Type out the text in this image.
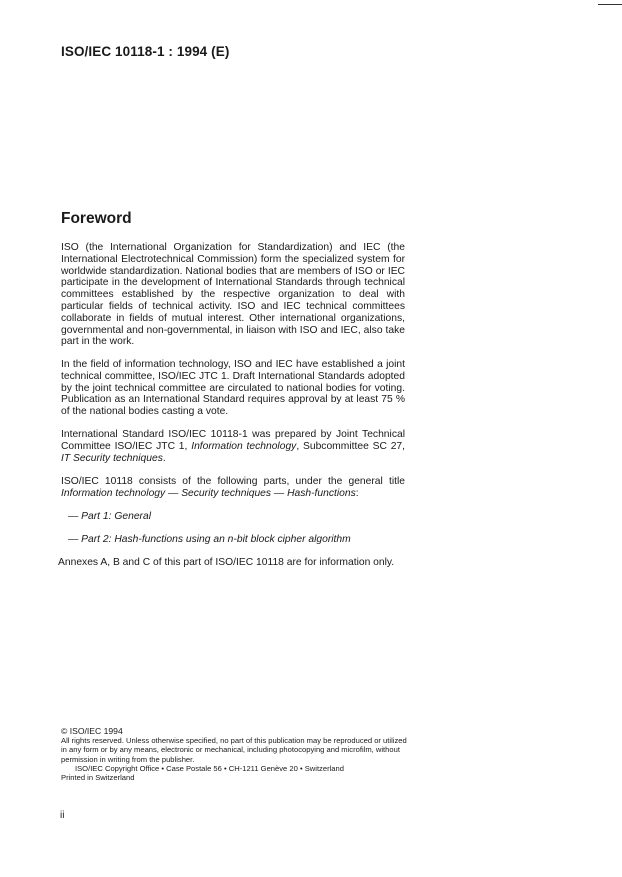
ISO/IEC 10118-1 : 1994 (E)
Foreword
ISO (the International Organization for Standardization) and IEC (the International Electrotechnical Commission) form the specialized system for worldwide standardization. National bodies that are members of ISO or IEC participate in the development of International Standards through technical committees established by the respective organization to deal with particular fields of technical activity. ISO and IEC technical committees collaborate in fields of mutual interest. Other international organizations, governmental and non-governmental, in liaison with ISO and IEC, also take part in the work.
In the field of information technology, ISO and IEC have established a joint technical committee, ISO/IEC JTC 1. Draft International Standards adopted by the joint technical committee are circulated to national bodies for voting. Publication as an International Standard requires approval by at least 75 % of the national bodies casting a vote.
International Standard ISO/IEC 10118-1 was prepared by Joint Technical Committee ISO/IEC JTC 1, Information technology, Subcommittee SC 27, IT Security techniques.
ISO/IEC 10118 consists of the following parts, under the general title Information technology — Security techniques — Hash-functions:
— Part 1: General
— Part 2: Hash-functions using an n-bit block cipher algorithm
Annexes A, B and C of this part of ISO/IEC 10118 are for information only.
© ISO/IEC 1994
All rights reserved. Unless otherwise specified, no part of this publication may be reproduced or utilized in any form or by any means, electronic or mechanical, including photocopying and microfilm, without permission in writing from the publisher.
ISO/IEC Copyright Office • Case Postale 56 • CH-1211 Genève 20 • Switzerland
Printed in Switzerland
ii
